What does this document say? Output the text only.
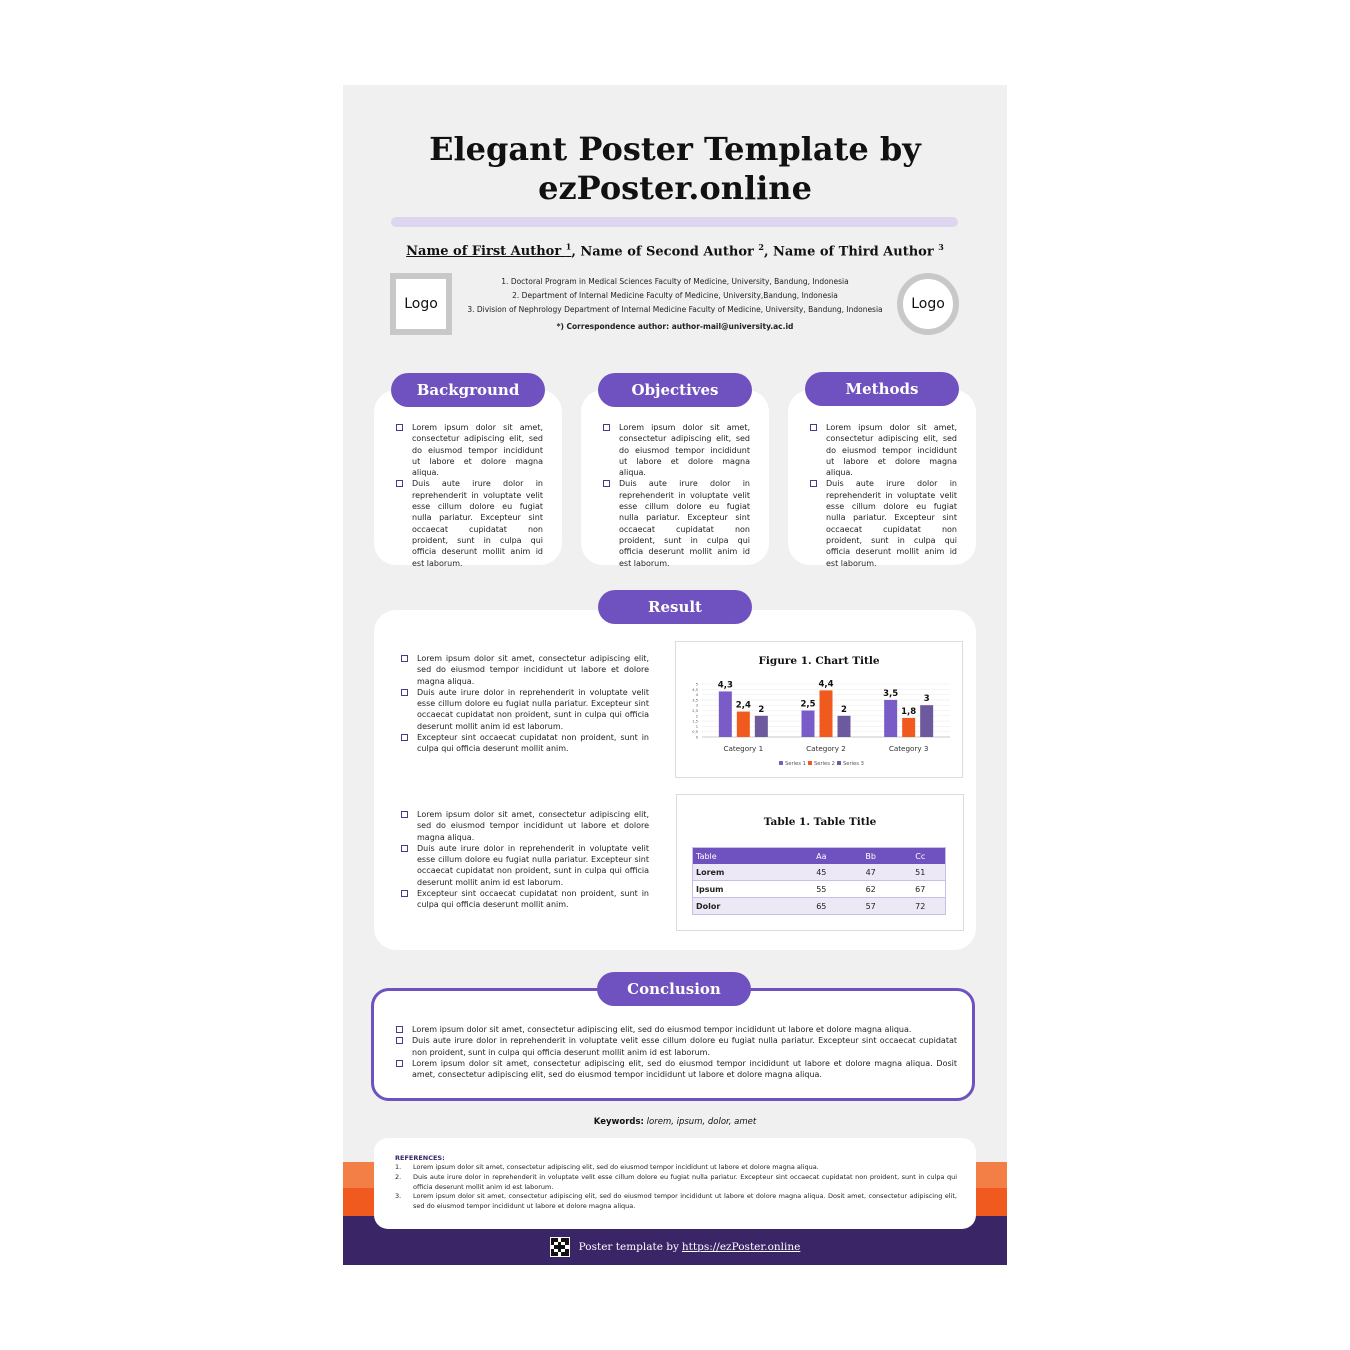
Elegant Poster Template by
ezPoster.online
Name of First Author $^1$, Name of Second Author $^2$, Name of Third Author $^3$
Logo	Logo
1. Doctoral Program in Medical Sciences Faculty of Medicine, University, Bandung, Indonesia
2. Department of Internal Medicine Faculty of Medicine, University,Bandung, Indonesia
3. Division of Nephrology Department of Internal Medicine Faculty of Medicine, University, Bandung, Indonesia
*) Correspondence author: author-mail@university.ac.id
Lorem ipsum dolor sit amet, consectetur adipiscing elit, sed do eiusmod tempor incididunt ut labore et dolore magna aliqua.
Duis aute irure dolor in reprehenderit in voluptate velit esse cillum dolore eu fugiat nulla pariatur. Excepteur sint occaecat cupidatat non proident, sunt in culpa qui officia deserunt mollit anim id est laborum.
Background
Lorem ipsum dolor sit amet, consectetur adipiscing elit, sed do eiusmod tempor incididunt ut labore et dolore magna aliqua.
Duis aute irure dolor in reprehenderit in voluptate velit esse cillum dolore eu fugiat nulla pariatur. Excepteur sint occaecat cupidatat non proident, sunt in culpa qui officia deserunt mollit anim id est laborum.
Objectives
Lorem ipsum dolor sit amet, consectetur adipiscing elit, sed do eiusmod tempor incididunt ut labore et dolore magna aliqua.
Duis aute irure dolor in reprehenderit in voluptate velit esse cillum dolore eu fugiat nulla pariatur. Excepteur sint occaecat cupidatat non proident, sunt in culpa qui officia deserunt mollit anim id est laborum.
Methods
Lorem ipsum dolor sit amet, consectetur adipiscing elit, sed do eiusmod tempor incididunt ut labore et dolore magna aliqua.
Duis aute irure dolor in reprehenderit in voluptate velit esse cillum dolore eu fugiat nulla pariatur. Excepteur sint occaecat cupidatat non proident, sunt in culpa qui officia deserunt mollit anim id est laborum.
Excepteur sint occaecat cupidatat non proident, sunt in culpa qui officia deserunt mollit anim.
Figure 1. Chart Title
0
0,5
1
1,5
2
2,5
3
3,5
4
4,5
5 4,3
2,4 2
Category 1
2,5
4,4
2
Category 2
3,5
1,8
3
Category 3
Series 1 Series 2 Series 3
Lorem ipsum dolor sit amet, consectetur adipiscing elit, sed do eiusmod tempor incididunt ut labore et dolore magna aliqua.
Duis aute irure dolor in reprehenderit in voluptate velit esse cillum dolore eu fugiat nulla pariatur. Excepteur sint occaecat cupidatat non proident, sunt in culpa qui officia deserunt mollit anim id est laborum.
Excepteur sint occaecat cupidatat non proident, sunt in culpa qui officia deserunt mollit anim.
Table 1. Table Title
Table	Aa	Bb	Cc
Lorem	45	47	51
Ipsum	55	62	67
Dolor	65	57	72
Result
Lorem ipsum dolor sit amet, consectetur adipiscing elit, sed do eiusmod tempor incididunt ut labore et dolore magna aliqua.
Duis aute irure dolor in reprehenderit in voluptate velit esse cillum dolore eu fugiat nulla pariatur. Excepteur sint occaecat cupidatat non proident, sunt in culpa qui officia deserunt mollit anim id est laborum.
Lorem ipsum dolor sit amet, consectetur adipiscing elit, sed do eiusmod tempor incididunt ut labore et dolore magna aliqua. Dosit amet, consectetur adipiscing elit, sed do eiusmod tempor incididunt ut labore et dolore magna aliqua.
Conclusion
Keywords: lorem, ipsum, dolor, amet
REFERENCES:
1. Lorem ipsum dolor sit amet, consectetur adipiscing elit, sed do eiusmod tempor incididunt ut labore et dolore magna aliqua.
2. Duis aute irure dolor in reprehenderit in voluptate velit esse cillum dolore eu fugiat nulla pariatur. Excepteur sint occaecat cupidatat non proident, sunt in culpa qui officia deserunt mollit anim id est laborum.
3. Lorem ipsum dolor sit amet, consectetur adipiscing elit, sed do eiusmod tempor incididunt ut labore et dolore magna aliqua. Dosit amet, consectetur adipiscing elit, sed do eiusmod tempor incididunt ut labore et dolore magna aliqua.
Poster template by https://ezPoster.online
